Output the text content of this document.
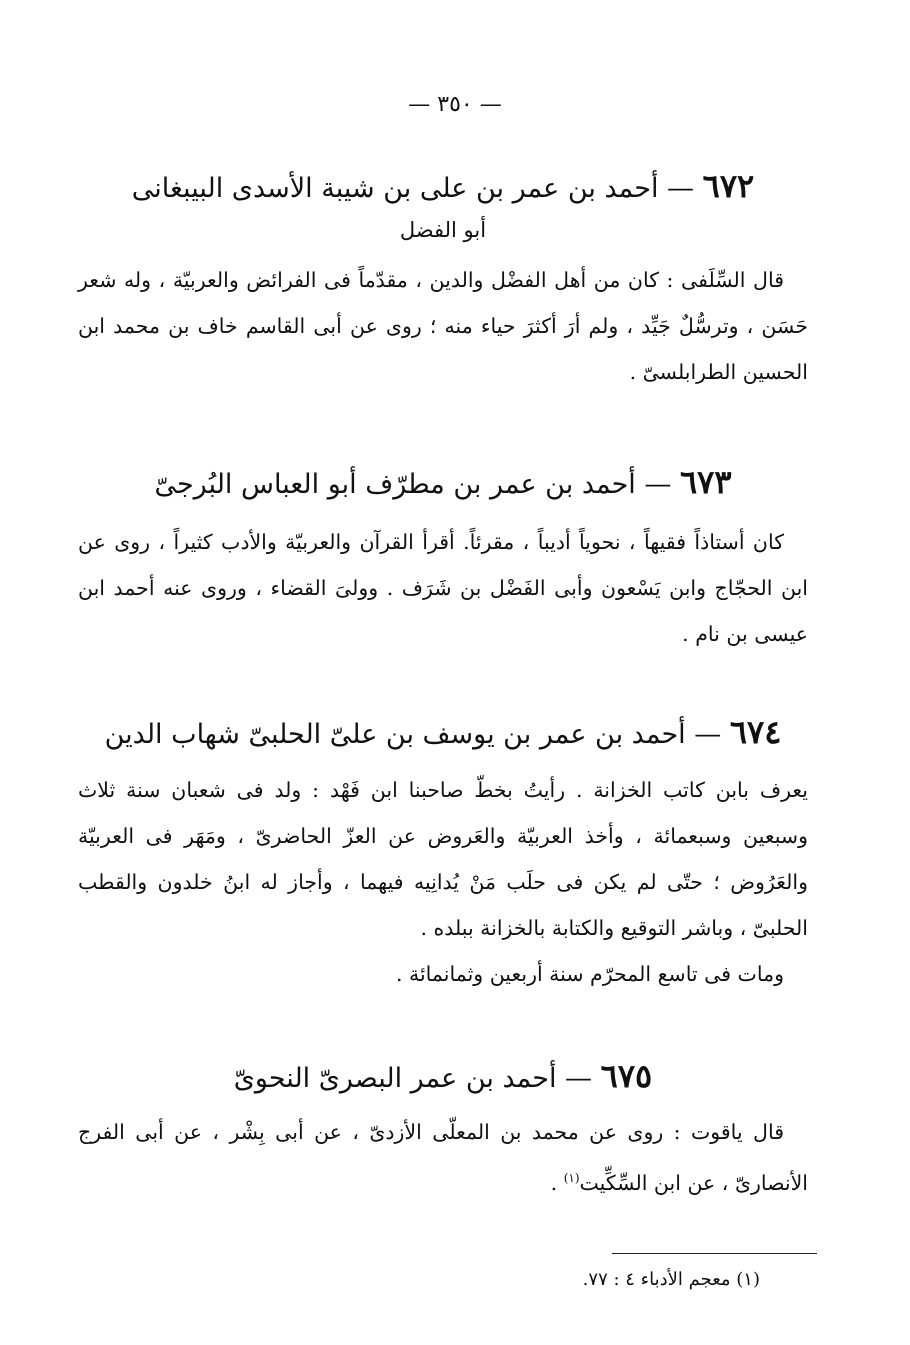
— ٣٥٠ —
٦٧٢ — أحمد بن عمر بن على بن شيبة الأسدى البيبغانى
أبو الفضل

قال السِّلَفى : كان من أهل الفضْل والدين ، مقدّماً فى الفرائض والعربيّة ، وله شعر حَسَن ، وترسُّلٌ جَيِّد ، ولم أرَ أكثرَ حياء منه ؛ روى عن أبى القاسم خاف بن محمد ابن الحسين الطرابلسىّ .

٦٧٣ — أحمد بن عمر بن مطرّف أبو العباس البُرجىّ

كان أستاذاً فقيهاً ، نحوياً أديباً ، مقرئاً. أقرأ القرآن والعربيّة والأدب كثيراً ، روى عن ابن الحجّاج وابن يَسْعون وأبى الفَضْل بن شَرَف . وولىَ القضاء ، وروى عنه أحمد ابن عيسى بن نام .

٦٧٤ — أحمد بن عمر بن يوسف بن علىّ الحلبىّ شهاب الدين

يعرف بابن كاتب الخزانة . رأيتُ بخطّ صاحبنا ابن فَهْد : ولد فى شعبان سنة ثلاث وسبعين وسبعمائة ، وأخذ العربيّة والعَروض عن العزّ الحاضرىّ ، ومَهَر فى العربيّة والعَرُوض ؛ حتّى لم يكن فى حلَب مَنْ يُدانِيه فيهما ، وأجاز له ابنُ خلدون والقطب الحلبىّ ، وباشر التوقيع والكتابة بالخزانة ببلده .

ومات فى تاسع المحرّم سنة أربعين وثمانمائة .

٦٧٥ — أحمد بن عمر البصرىّ النحوىّ

قال ياقوت : روى عن محمد بن المعلّى الأزدىّ ، عن أبى بِشْر ، عن أبى الفرج الأنصارىّ ، عن ابن السِّكِّيت$^{(١)}$ .

(١) معجم الأدباء ٤ : ٧٧.
